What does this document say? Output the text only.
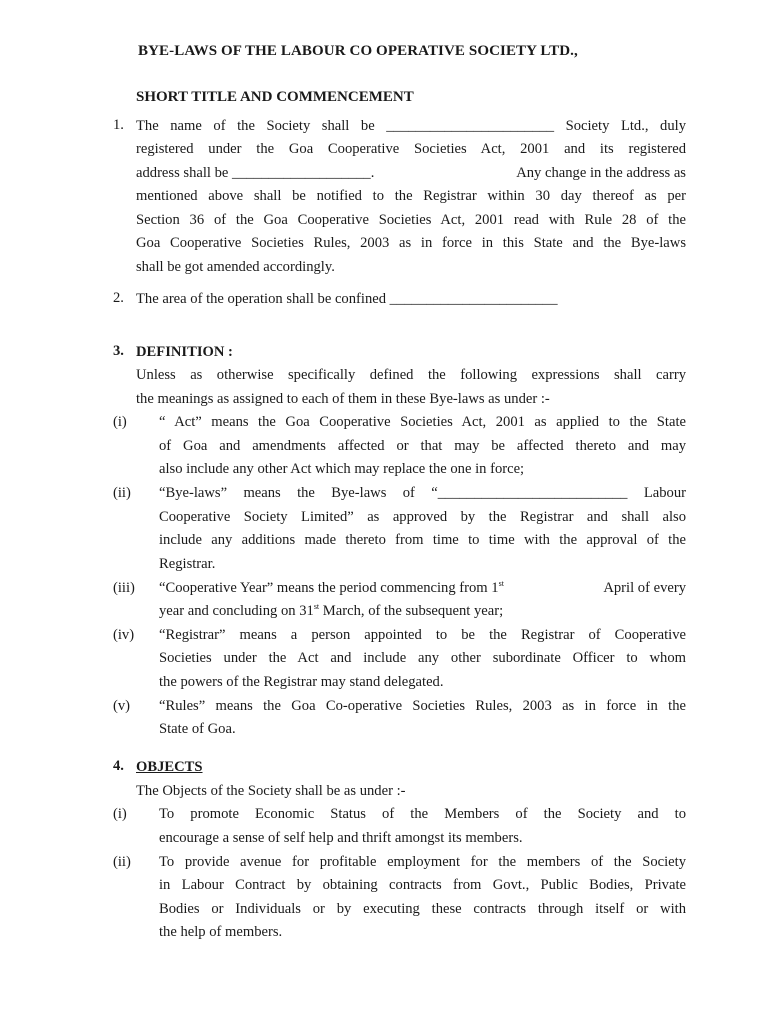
BYE-LAWS OF THE LABOUR CO OPERATIVE SOCIETY LTD.,
SHORT TITLE AND COMMENCEMENT
1. The name of the Society shall be _______________________ Society Ltd., duly
registered under the Goa Cooperative Societies Act, 2001 and its registered
address shall be ___________________.	Any change in the address as
mentioned above shall be notified to the Registrar within 30 day thereof as per
Section 36 of the Goa Cooperative Societies Act, 2001 read with Rule 28 of the
Goa Cooperative Societies Rules, 2003 as in force in this State and the Bye-laws
shall be got amended accordingly.
2. The area of the operation shall be confined _______________________
3. DEFINITION :
Unless as otherwise specifically defined the following expressions shall carry
the meanings as assigned to each of them in these Bye-laws as under :-
(i) “ Act” means the Goa Cooperative Societies Act, 2001 as applied to the State
of Goa and amendments affected or that may be affected thereto and may
also include any other Act which may replace the one in force;
(ii) “Bye-laws” means the Bye-laws of “__________________________ Labour
Cooperative Society Limited” as approved by the Registrar and shall also
include any additions made thereto from time to time with the approval of the
Registrar.
(iii) “Cooperative Year” means the period commencing from 1st	April of every
year and concluding on 31st March, of the subsequent year;
(iv) “Registrar” means a person appointed to be the Registrar of Cooperative
Societies under the Act and include any other subordinate Officer to whom
the powers of the Registrar may stand delegated.
(v) “Rules” means the Goa Co-operative Societies Rules, 2003 as in force in the
State of Goa.
4. OBJECTS
The Objects of the Society shall be as under :-
(i) To promote Economic Status of the Members of the Society and to
encourage a sense of self help and thrift amongst its members.
(ii) To provide avenue for profitable employment for the members of the Society
in Labour Contract by obtaining contracts from Govt., Public Bodies, Private
Bodies or Individuals or by executing these contracts through itself or with
the help of members.
